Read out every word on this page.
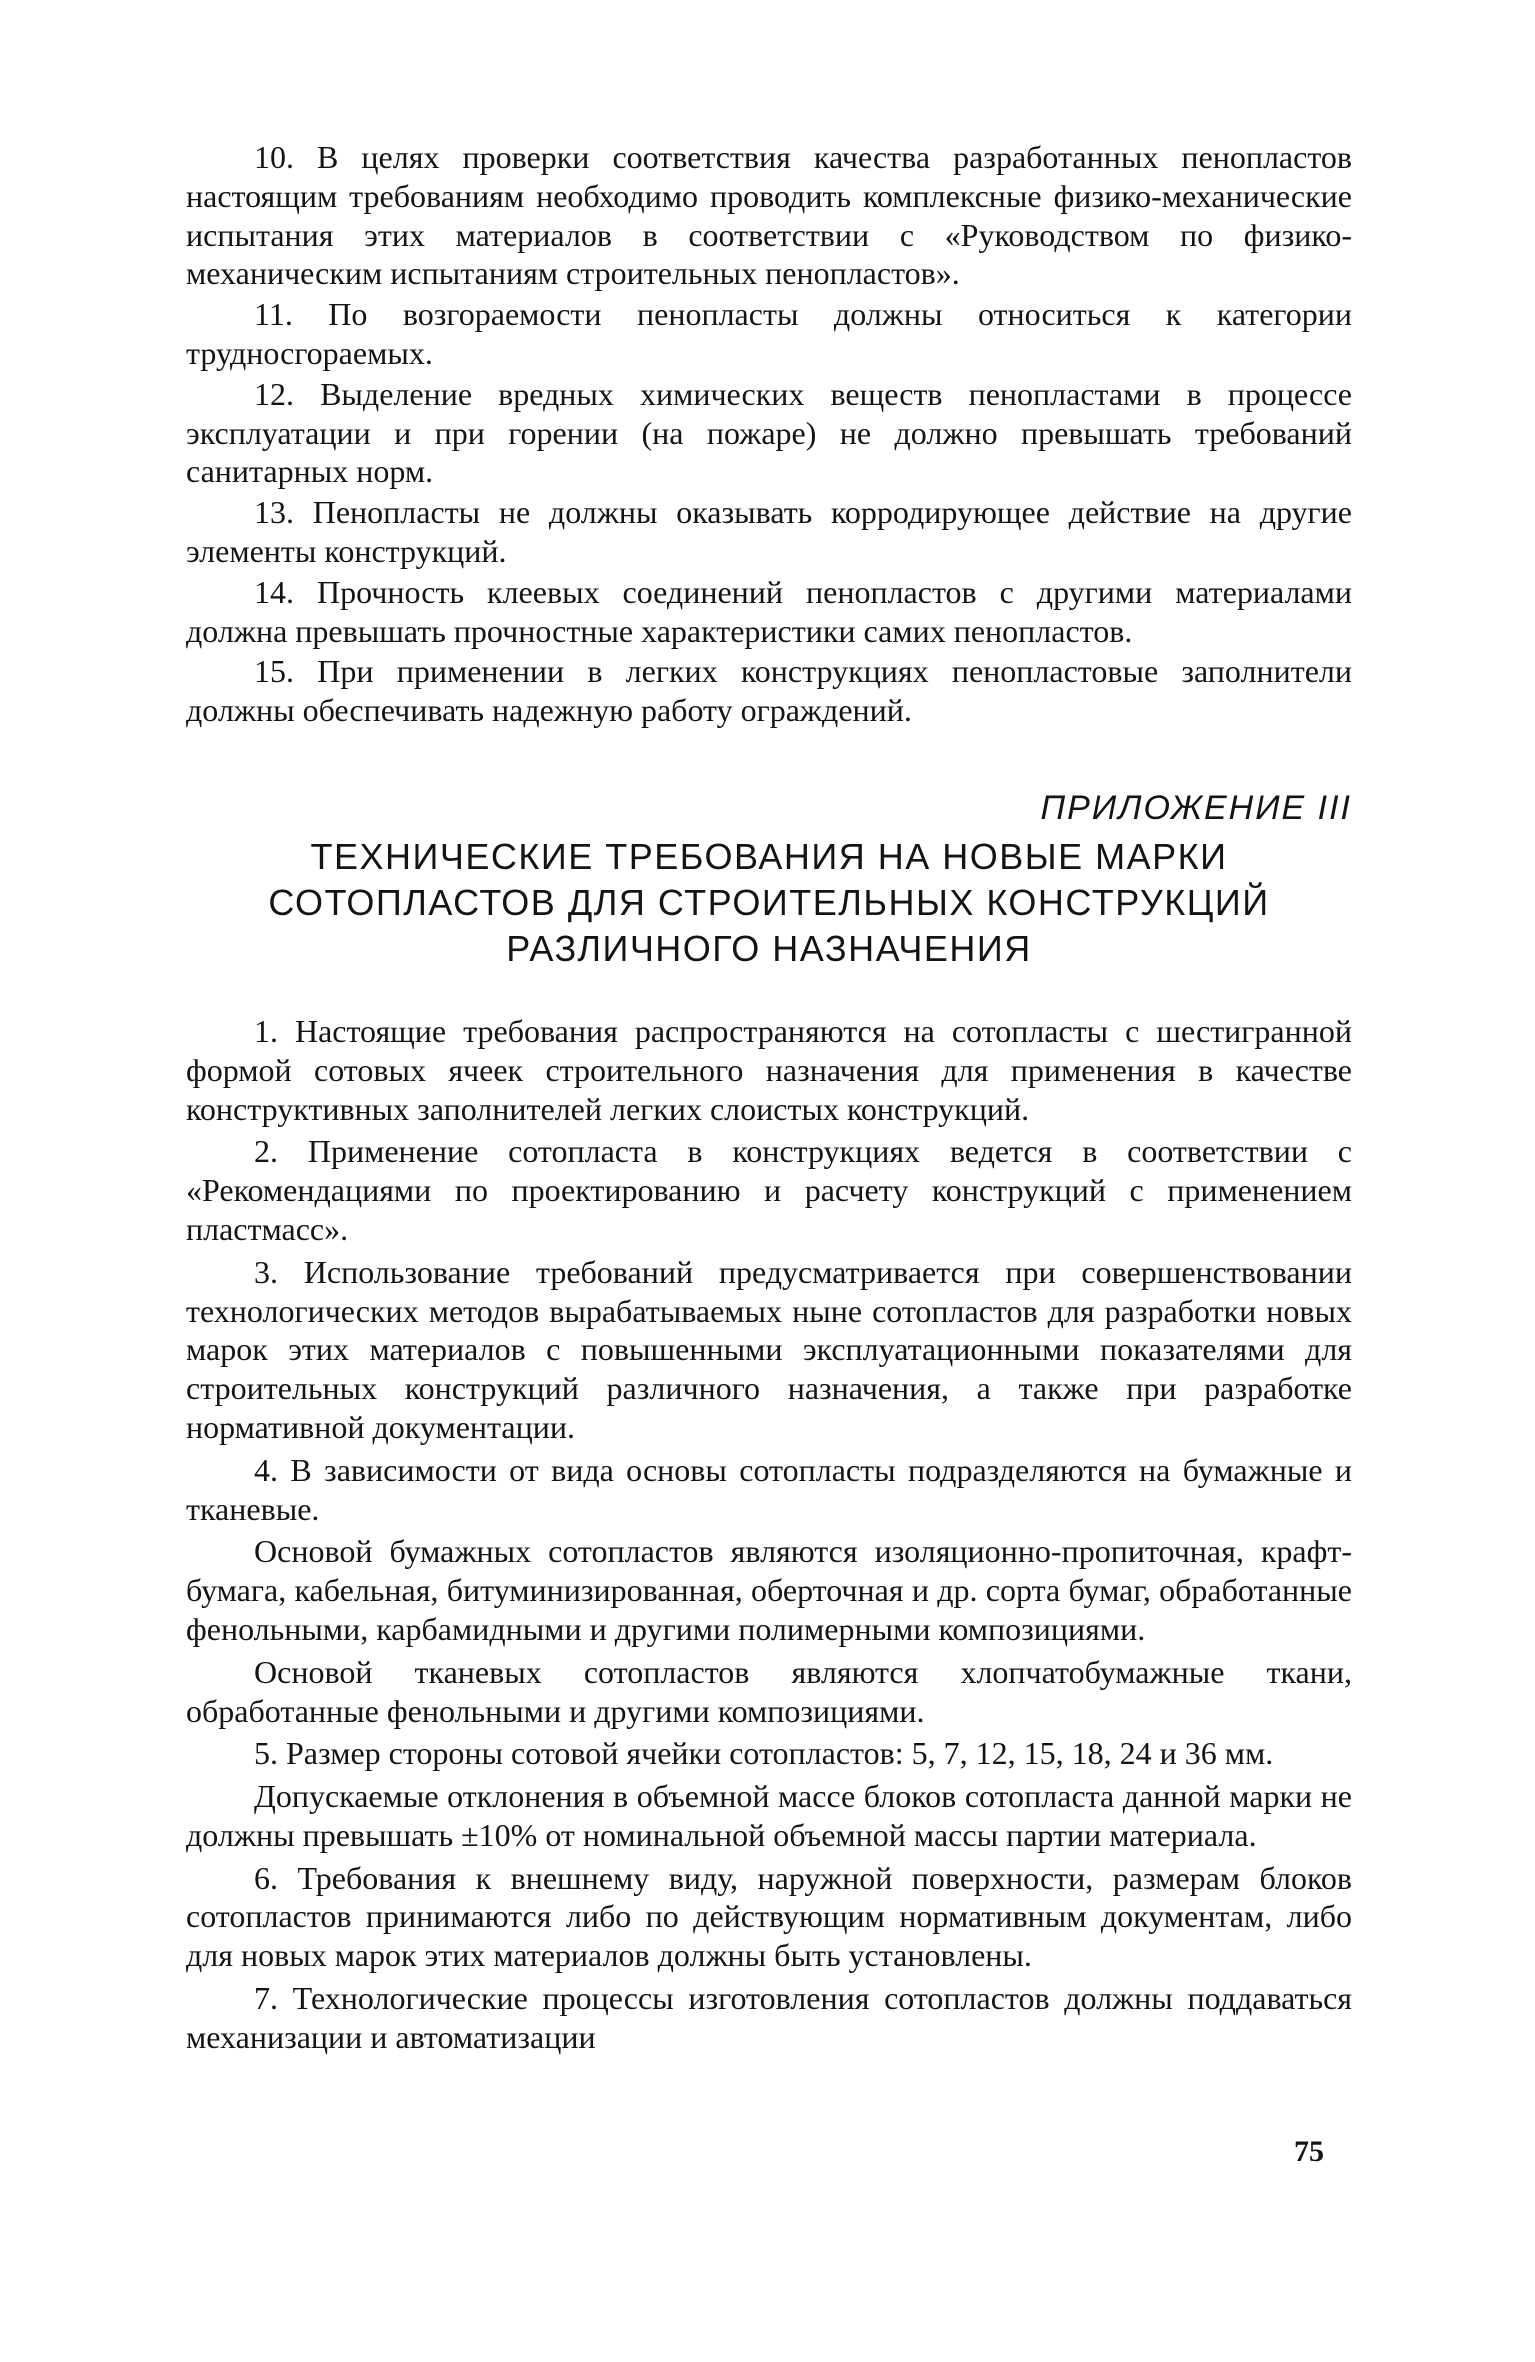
10. В целях проверки соответствия качества разработанных пенопластов настоящим требованиям необходимо проводить комплексные физико-механические испытания этих материалов в соответствии с «Руководством по физико-механическим испытаниям строительных пенопластов».

11. По возгораемости пенопласты должны относиться к категории трудносгораемых.

12. Выделение вредных химических веществ пенопластами в процессе эксплуатации и при горении (на пожаре) не должно превышать требований санитарных норм.

13. Пенопласты не должны оказывать корродирующее действие на другие элементы конструкций.

14. Прочность клеевых соединений пенопластов с другими материалами должна превышать прочностные характеристики самих пенопластов.

15. При применении в легких конструкциях пенопластовые заполнители должны обеспечивать надежную работу ограждений.

ПРИЛОЖЕНИЕ III
ТЕХНИЧЕСКИЕ ТРЕБОВАНИЯ НА НОВЫЕ МАРКИ
СОТОПЛАСТОВ ДЛЯ СТРОИТЕЛЬНЫХ КОНСТРУКЦИЙ
РАЗЛИЧНОГО НАЗНАЧЕНИЯ

1. Настоящие требования распространяются на сотопласты с шестигранной формой сотовых ячеек строительного назначения для применения в качестве конструктивных заполнителей легких слоистых конструкций.

2. Применение сотопласта в конструкциях ведется в соответствии с «Рекомендациями по проектированию и расчету конструкций с применением пластмасс».

3. Использование требований предусматривается при совершенствовании технологических методов вырабатываемых ныне сотопластов для разработки новых марок этих материалов с повышенными эксплуатационными показателями для строительных конструкций различного назначения, а также при разработке нормативной документации.

4. В зависимости от вида основы сотопласты подразделяются на бумажные и тканевые.

Основой бумажных сотопластов являются изоляционно-пропиточная, крафт-бумага, кабельная, битуминизированная, оберточная и др. сорта бумаг, обработанные фенольными, карбамидными и другими полимерными композициями.

Основой тканевых сотопластов являются хлопчатобумажные ткани, обработанные фенольными и другими композициями.

5. Размер стороны сотовой ячейки сотопластов: 5, 7, 12, 15, 18, 24 и 36 мм.

Допускаемые отклонения в объемной массе блоков сотопласта данной марки не должны превышать ±10% от номинальной объемной массы партии материала.

6. Требования к внешнему виду, наружной поверхности, размерам блоков сотопластов принимаются либо по действующим нормативным документам, либо для новых марок этих материалов должны быть установлены.

7. Технологические процессы изготовления сотопластов должны поддаваться механизации и автоматизации

75
